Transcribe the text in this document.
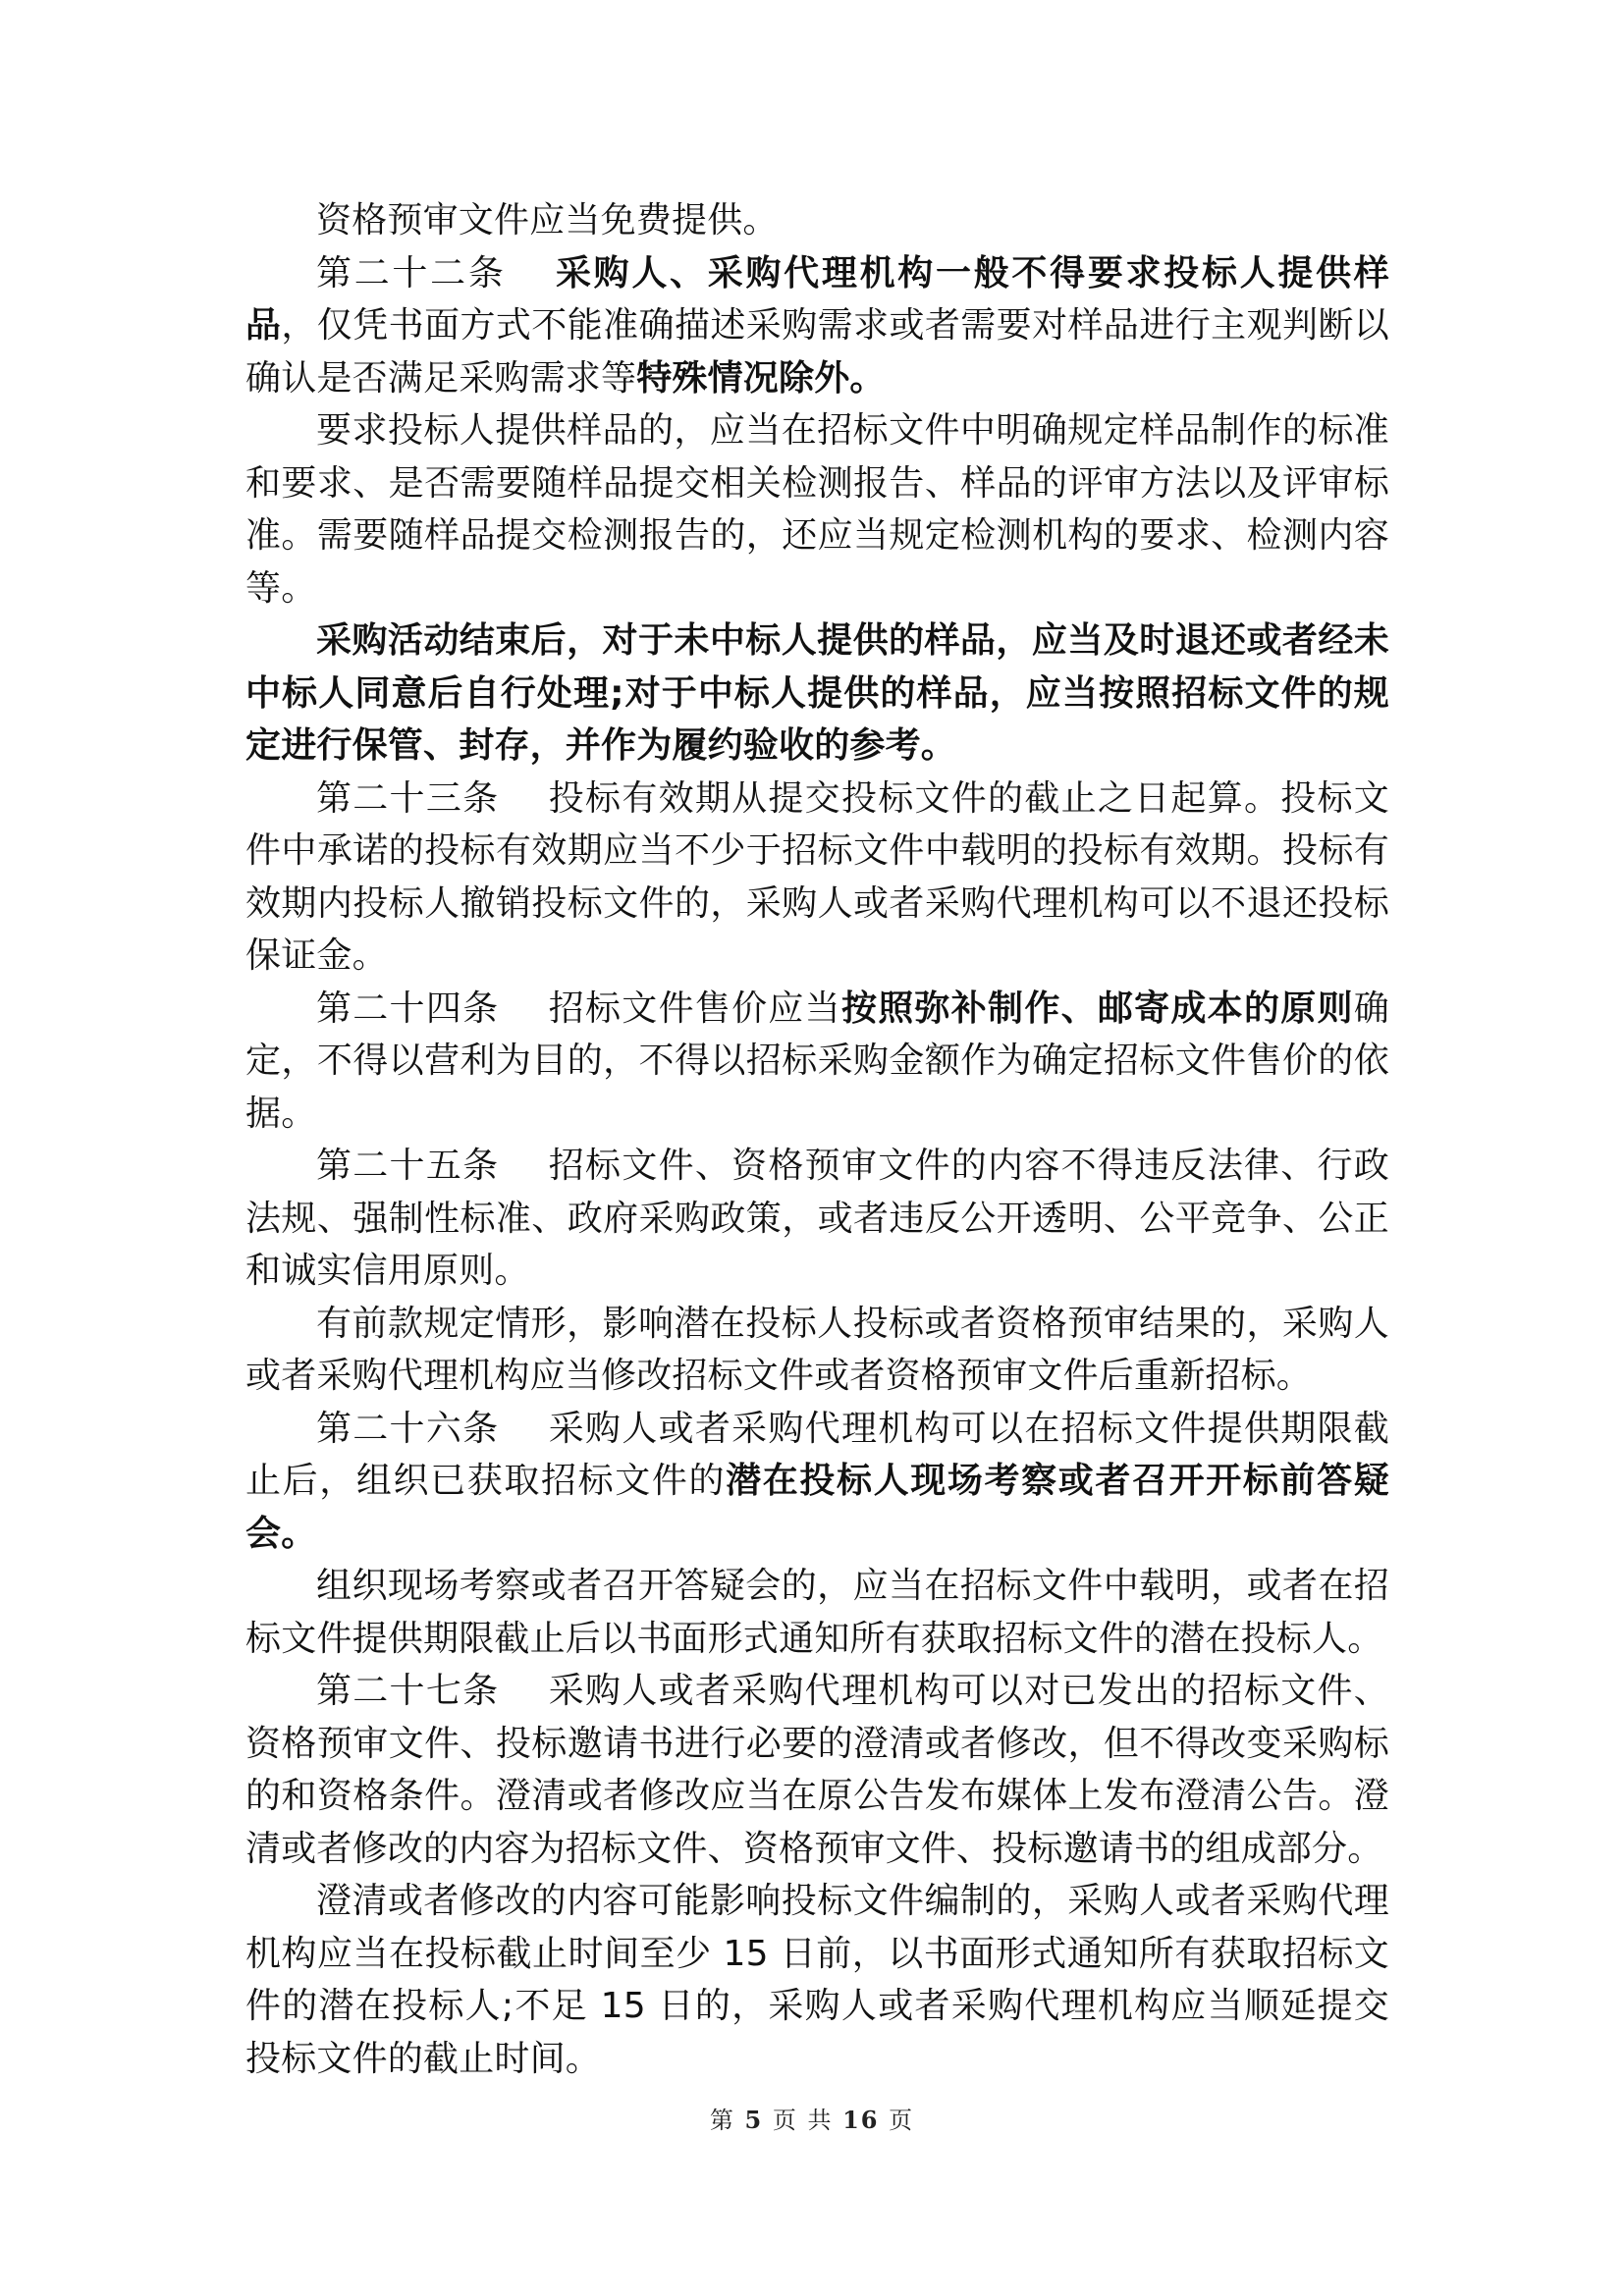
资格预审文件应当免费提供。

第二十二条 采购人、采购代理机构一般不得要求投标人提供样品，仅凭书面方式不能准确描述采购需求或者需要对样品进行主观判断以确认是否满足采购需求等特殊情况除外。

要求投标人提供样品的，应当在招标文件中明确规定样品制作的标准和要求、是否需要随样品提交相关检测报告、样品的评审方法以及评审标准。需要随样品提交检测报告的，还应当规定检测机构的要求、检测内容等。

采购活动结束后，对于未中标人提供的样品，应当及时退还或者经未中标人同意后自行处理;对于中标人提供的样品，应当按照招标文件的规定进行保管、封存，并作为履约验收的参考。

第二十三条 投标有效期从提交投标文件的截止之日起算。投标文件中承诺的投标有效期应当不少于招标文件中载明的投标有效期。投标有效期内投标人撤销投标文件的，采购人或者采购代理机构可以不退还投标保证金。

第二十四条 招标文件售价应当按照弥补制作、邮寄成本的原则确定，不得以营利为目的，不得以招标采购金额作为确定招标文件售价的依据。

第二十五条 招标文件、资格预审文件的内容不得违反法律、行政法规、强制性标准、政府采购政策，或者违反公开透明、公平竞争、公正和诚实信用原则。

有前款规定情形，影响潜在投标人投标或者资格预审结果的，采购人或者采购代理机构应当修改招标文件或者资格预审文件后重新招标。

第二十六条 采购人或者采购代理机构可以在招标文件提供期限截止后，组织已获取招标文件的潜在投标人现场考察或者召开开标前答疑会。

组织现场考察或者召开答疑会的，应当在招标文件中载明，或者在招标文件提供期限截止后以书面形式通知所有获取招标文件的潜在投标人。

第二十七条 采购人或者采购代理机构可以对已发出的招标文件、资格预审文件、投标邀请书进行必要的澄清或者修改，但不得改变采购标的和资格条件。澄清或者修改应当在原公告发布媒体上发布澄清公告。澄清或者修改的内容为招标文件、资格预审文件、投标邀请书的组成部分。

澄清或者修改的内容可能影响投标文件编制的，采购人或者采购代理机构应当在投标截止时间至少 15 日前，以书面形式通知所有获取招标文件的潜在投标人;不足 15 日的，采购人或者采购代理机构应当顺延提交投标文件的截止时间。

第 5 页 共 16 页
